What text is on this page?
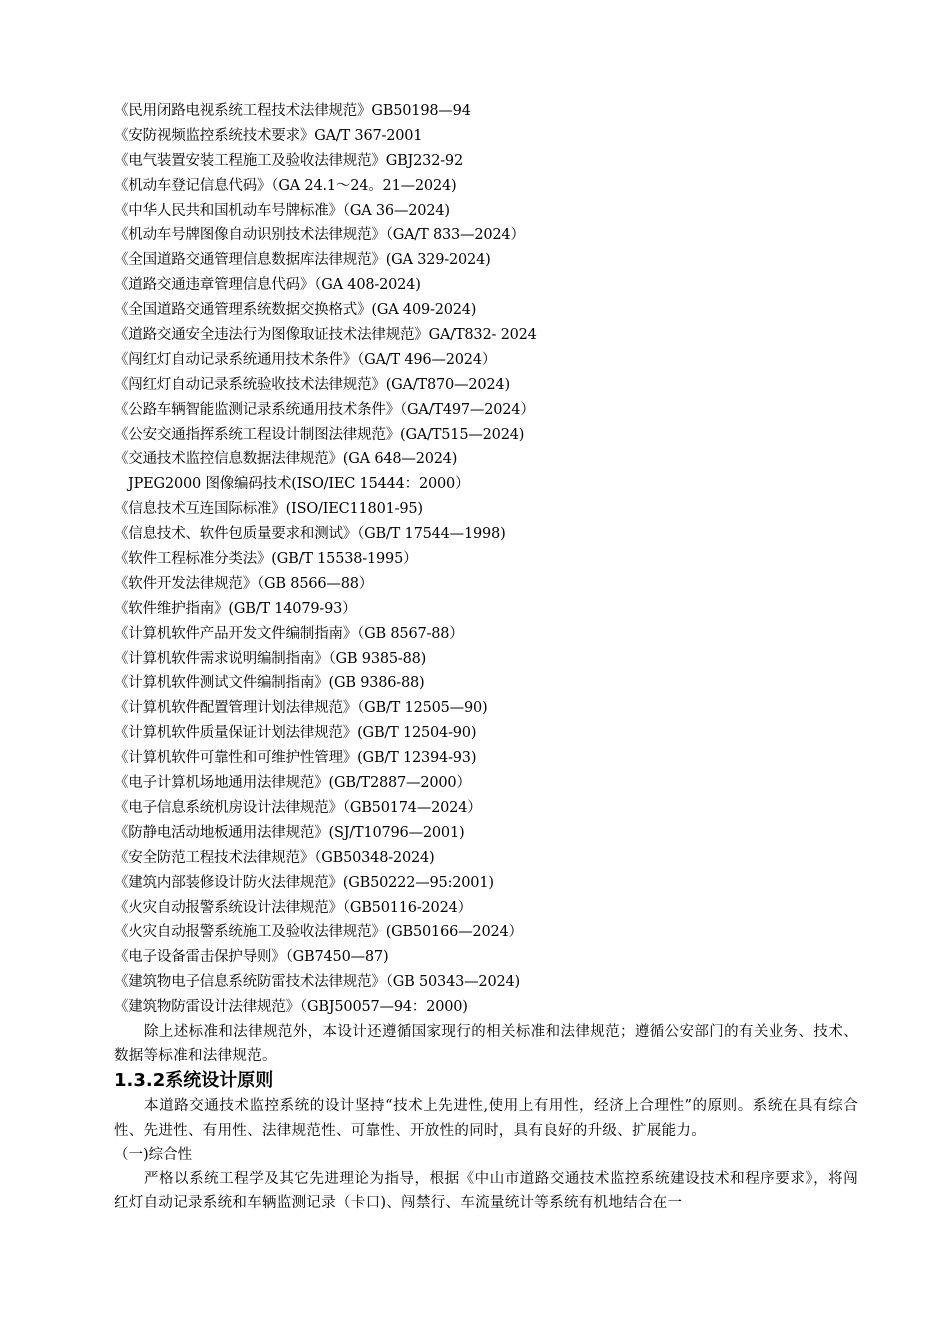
《民用闭路电视系统工程技术法律规范》GB50198—94
《安防视频监控系统技术要求》GA/T 367-2001
《电气装置安装工程施工及验收法律规范》GBJ232-92
《机动车登记信息代码》（GA 24.1～24。21—2024)
《中华人民共和国机动车号牌标准》（GA 36—2024)
《机动车号牌图像自动识别技术法律规范》（GA/T 833—2024）
《全国道路交通管理信息数据库法律规范》(GA 329-2024)
《道路交通违章管理信息代码》（GA 408-2024)
《全国道路交通管理系统数据交换格式》(GA 409-2024)
《道路交通安全违法行为图像取证技术法律规范》GA/T832- 2024
《闯红灯自动记录系统通用技术条件》（GA/T 496—2024）
《闯红灯自动记录系统验收技术法律规范》(GA/T870—2024)
《公路车辆智能监测记录系统通用技术条件》（GA/T497—2024）
《公安交通指挥系统工程设计制图法律规范》(GA/T515—2024)
《交通技术监控信息数据法律规范》(GA 648—2024)
JPEG2000 图像编码技术(ISO/IEC 15444：2000）
《信息技术互连国际标准》(ISO/IEC11801-95)
《信息技术、软件包质量要求和测试》（GB/T 17544—1998)
《软件工程标准分类法》(GB/T 15538-1995）
《软件开发法律规范》（GB 8566—88）
《软件维护指南》(GB/T 14079-93）
《计算机软件产品开发文件编制指南》（GB 8567-88）
《计算机软件需求说明编制指南》（GB 9385-88)
《计算机软件测试文件编制指南》(GB 9386-88)
《计算机软件配置管理计划法律规范》（GB/T 12505—90)
《计算机软件质量保证计划法律规范》(GB/T 12504-90)
《计算机软件可靠性和可维护性管理》(GB/T 12394-93)
《电子计算机场地通用法律规范》(GB/T2887—2000）
《电子信息系统机房设计法律规范》（GB50174—2024）
《防静电活动地板通用法律规范》(SJ/T10796—2001)
《安全防范工程技术法律规范》（GB50348-2024)
《建筑内部装修设计防火法律规范》(GB50222—95:2001)
《火灾自动报警系统设计法律规范》（GB50116-2024）
《火灾自动报警系统施工及验收法律规范》(GB50166—2024）
《电子设备雷击保护导则》（GB7450—87)
《建筑物电子信息系统防雷技术法律规范》（GB 50343—2024)
《建筑物防雷设计法律规范》（GBJ50057—94：2000)

除上述标准和法律规范外，本设计还遵循国家现行的相关标准和法律规范；遵循公安部门的有关业务、技术、数据等标准和法律规范。

1.3.2系统设计原则

本道路交通技术监控系统的设计坚持“技术上先进性,使用上有用性，经济上合理性”的原则。系统在具有综合性、先进性、有用性、法律规范性、可靠性、开放性的同时，具有良好的升级、扩展能力。

（一)综合性

严格以系统工程学及其它先进理论为指导，根据《中山市道路交通技术监控系统建设技术和程序要求》，将闯红灯自动记录系统和车辆监测记录（卡口)、闯禁行、车流量统计等系统有机地结合在一
